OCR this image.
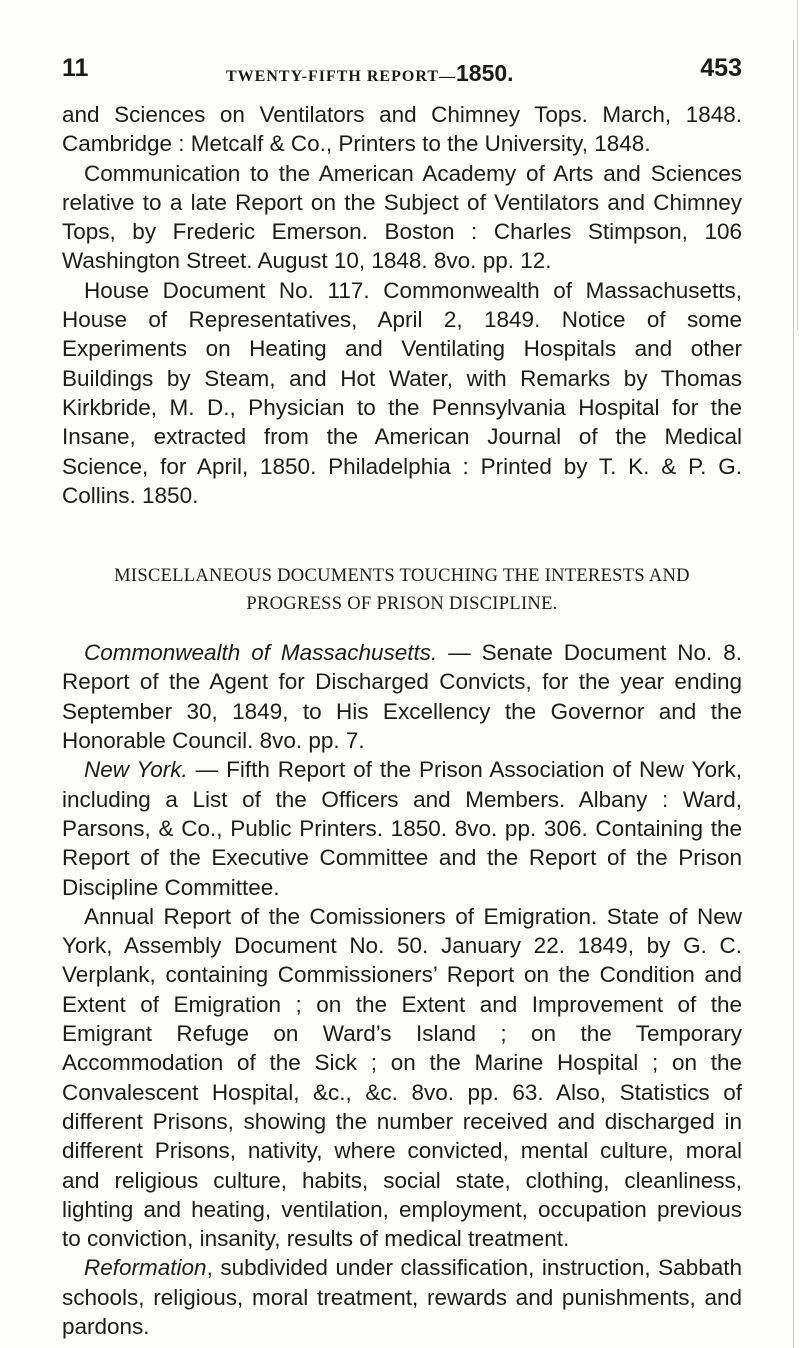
11	TWENTY-FIFTH REPORT—1850.	453

and Sciences on Ventilators and Chimney Tops. March, 1848. Cambridge : Metcalf & Co., Printers to the University, 1848.

Communication to the American Academy of Arts and Sciences relative to a late Report on the Subject of Ventilators and Chimney Tops, by Frederic Emerson. Boston : Charles Stimpson, 106 Washington Street. August 10, 1848. 8vo. pp. 12.

House Document No. 117. Commonwealth of Massachusetts, House of Representatives, April 2, 1849. Notice of some Experiments on Heating and Ventilating Hospitals and other Buildings by Steam, and Hot Water, with Remarks by Thomas Kirkbride, M. D., Physician to the Pennsylvania Hospital for the Insane, extracted from the American Journal of the Medical Science, for April, 1850. Philadelphia : Printed by T. K. & P. G. Collins. 1850.

MISCELLANEOUS DOCUMENTS TOUCHING THE INTERESTS AND
PROGRESS OF PRISON DISCIPLINE.

Commonwealth of Massachusetts. — Senate Document No. 8. Report of the Agent for Discharged Convicts, for the year ending September 30, 1849, to His Excellency the Governor and the Honorable Council. 8vo. pp. 7.

New York. — Fifth Report of the Prison Association of New York, including a List of the Officers and Members. Albany : Ward, Parsons, & Co., Public Printers. 1850. 8vo. pp. 306. Containing the Report of the Executive Committee and the Report of the Prison Discipline Committee.

Annual Report of the Comissioners of Emigration. State of New York, Assembly Document No. 50. January 22. 1849, by G. C. Verplank, containing Commissioners’ Report on the Condition and Extent of Emigration ; on the Extent and Improvement of the Emigrant Refuge on Ward’s Island ; on the Temporary Accommodation of the Sick ; on the Marine Hospital ; on the Convalescent Hospital, &c., &c. 8vo. pp. 63. Also, Statistics of different Prisons, showing the number received and discharged in different Prisons, nativity, where convicted, mental culture, moral and religious culture, habits, social state, clothing, cleanliness, lighting and heating, ventilation, employment, occupation previous to conviction, insanity, results of medical treatment.

Reformation, subdivided under classification, instruction, Sabbath schools, religious, moral treatment, rewards and punishments, and pardons.
